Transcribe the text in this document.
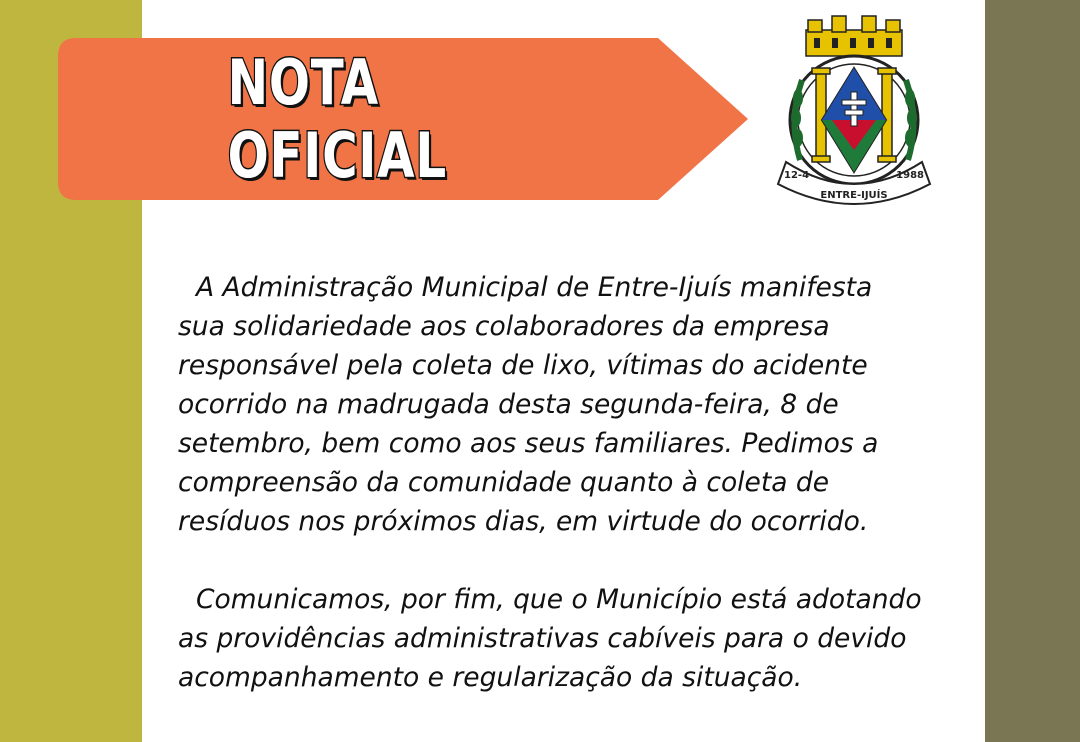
NOTA OFICIAL	12-4
ENTRE-IJUÍS
1988

A Administração Municipal de Entre-Ijuís manifesta
sua solidariedade aos colaboradores da empresa
responsável pela coleta de lixo, vítimas do acidente
ocorrido na madrugada desta segunda-feira, 8 de
setembro, bem como aos seus familiares. Pedimos a
compreensão da comunidade quanto à coleta de
resíduos nos próximos dias, em virtude do ocorrido.

Comunicamos, por fim, que o Município está adotando
as providências administrativas cabíveis para o devido
acompanhamento e regularização da situação.
